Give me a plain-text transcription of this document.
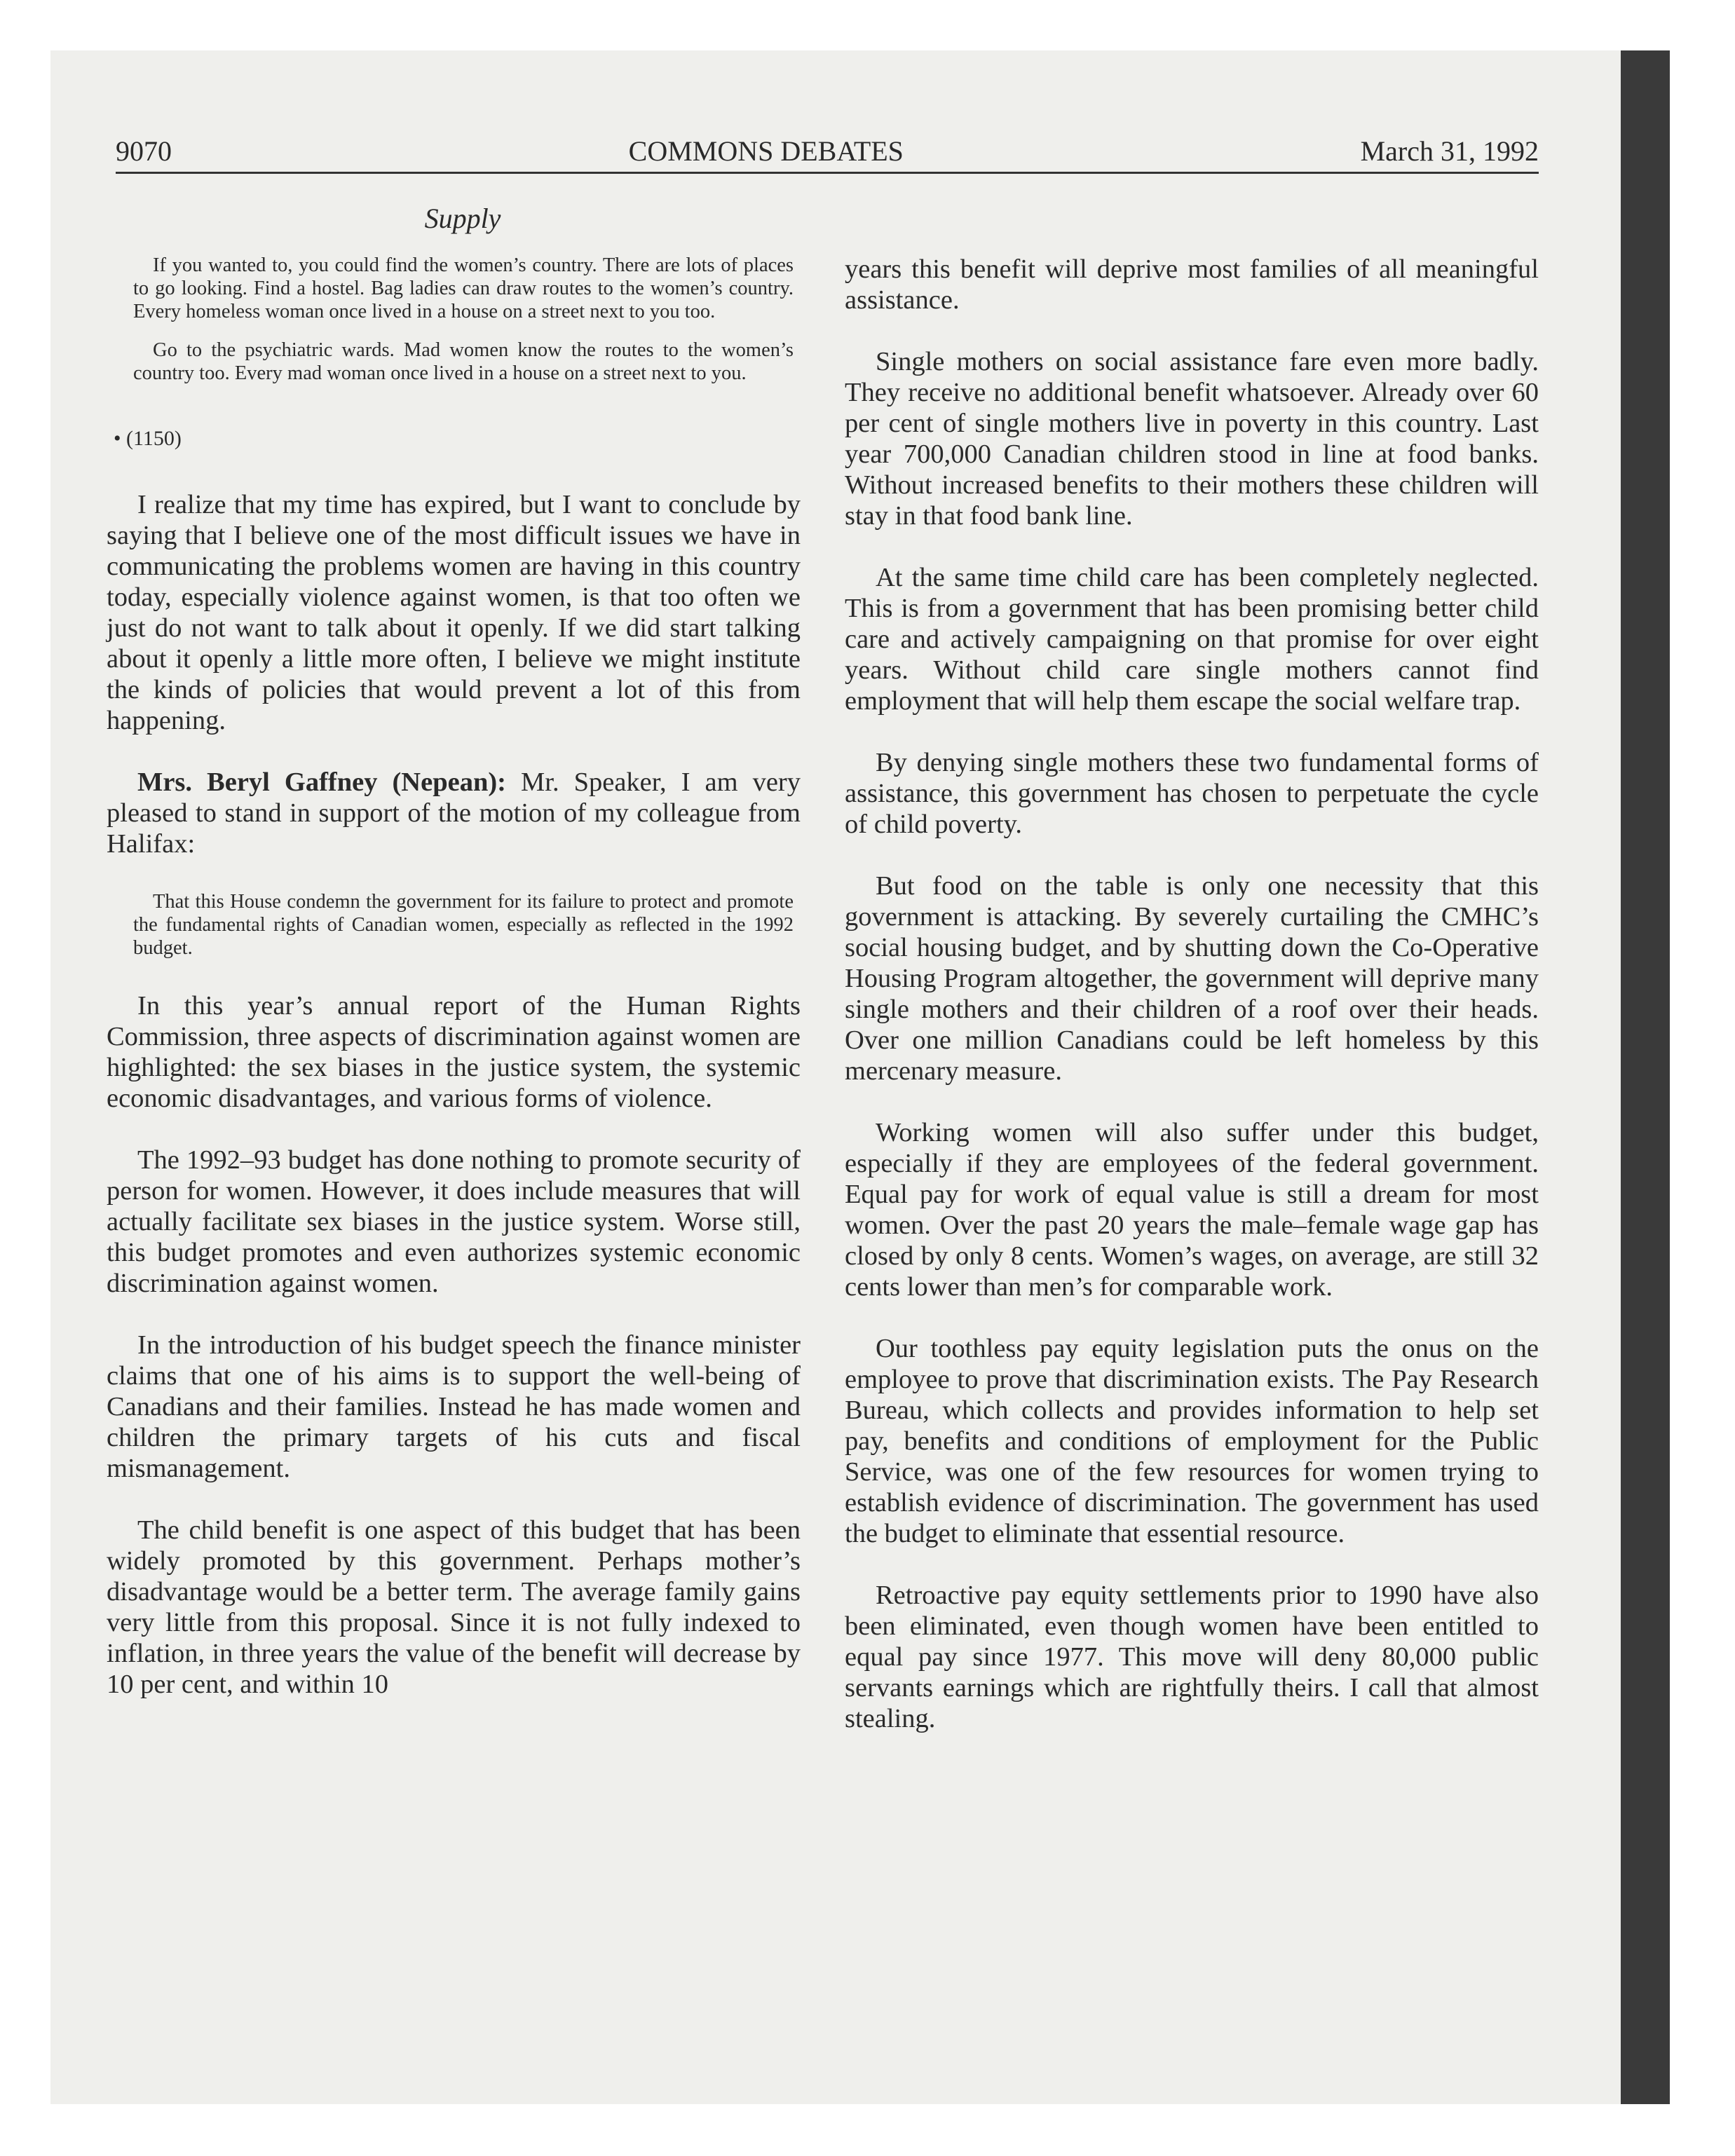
9070	COMMONS DEBATES	March 31, 1992
Supply

If you wanted to, you could find the women’s country. There are lots of places to go looking. Find a hostel. Bag ladies can draw routes to the women’s country. Every homeless woman once lived in a house on a street next to you too.

Go to the psychiatric wards. Mad women know the routes to the women’s country too. Every mad woman once lived in a house on a street next to you.

• (1150)

I realize that my time has expired, but I want to conclude by saying that I believe one of the most difficult issues we have in communicating the problems women are having in this country today, especially violence against women, is that too often we just do not want to talk about it openly. If we did start talking about it openly a little more often, I believe we might institute the kinds of policies that would prevent a lot of this from happening.

Mrs. Beryl Gaffney (Nepean): Mr. Speaker, I am very pleased to stand in support of the motion of my colleague from Halifax:

That this House condemn the government for its failure to protect and promote the fundamental rights of Canadian women, especially as reflected in the 1992 budget.

In this year’s annual report of the Human Rights Commission, three aspects of discrimination against women are highlighted: the sex biases in the justice system, the systemic economic disadvantages, and various forms of violence.

The 1992–93 budget has done nothing to promote security of person for women. However, it does include measures that will actually facilitate sex biases in the justice system. Worse still, this budget promotes and even authorizes systemic economic discrimination against women.

In the introduction of his budget speech the finance minister claims that one of his aims is to support the well-being of Canadians and their families. Instead he has made women and children the primary targets of his cuts and fiscal mismanagement.

The child benefit is one aspect of this budget that has been widely promoted by this government. Perhaps mother’s disadvantage would be a better term. The average family gains very little from this proposal. Since it is not fully indexed to inflation, in three years the value of the benefit will decrease by 10 per cent, and within 10

years this benefit will deprive most families of all meaningful assistance.

Single mothers on social assistance fare even more badly. They receive no additional benefit whatsoever. Already over 60 per cent of single mothers live in poverty in this country. Last year 700,000 Canadian children stood in line at food banks. Without increased benefits to their mothers these children will stay in that food bank line.

At the same time child care has been completely neglected. This is from a government that has been promising better child care and actively campaigning on that promise for over eight years. Without child care single mothers cannot find employment that will help them escape the social welfare trap.

By denying single mothers these two fundamental forms of assistance, this government has chosen to perpetuate the cycle of child poverty.

But food on the table is only one necessity that this government is attacking. By severely curtailing the CMHC’s social housing budget, and by shutting down the Co-Operative Housing Program altogether, the government will deprive many single mothers and their children of a roof over their heads. Over one million Canadians could be left homeless by this mercenary measure.

Working women will also suffer under this budget, especially if they are employees of the federal government. Equal pay for work of equal value is still a dream for most women. Over the past 20 years the male–female wage gap has closed by only 8 cents. Women’s wages, on average, are still 32 cents lower than men’s for comparable work.

Our toothless pay equity legislation puts the onus on the employee to prove that discrimination exists. The Pay Research Bureau, which collects and provides information to help set pay, benefits and conditions of employment for the Public Service, was one of the few resources for women trying to establish evidence of discrimination. The government has used the budget to eliminate that essential resource.

Retroactive pay equity settlements prior to 1990 have also been eliminated, even though women have been entitled to equal pay since 1977. This move will deny 80,000 public servants earnings which are rightfully theirs. I call that almost stealing.
